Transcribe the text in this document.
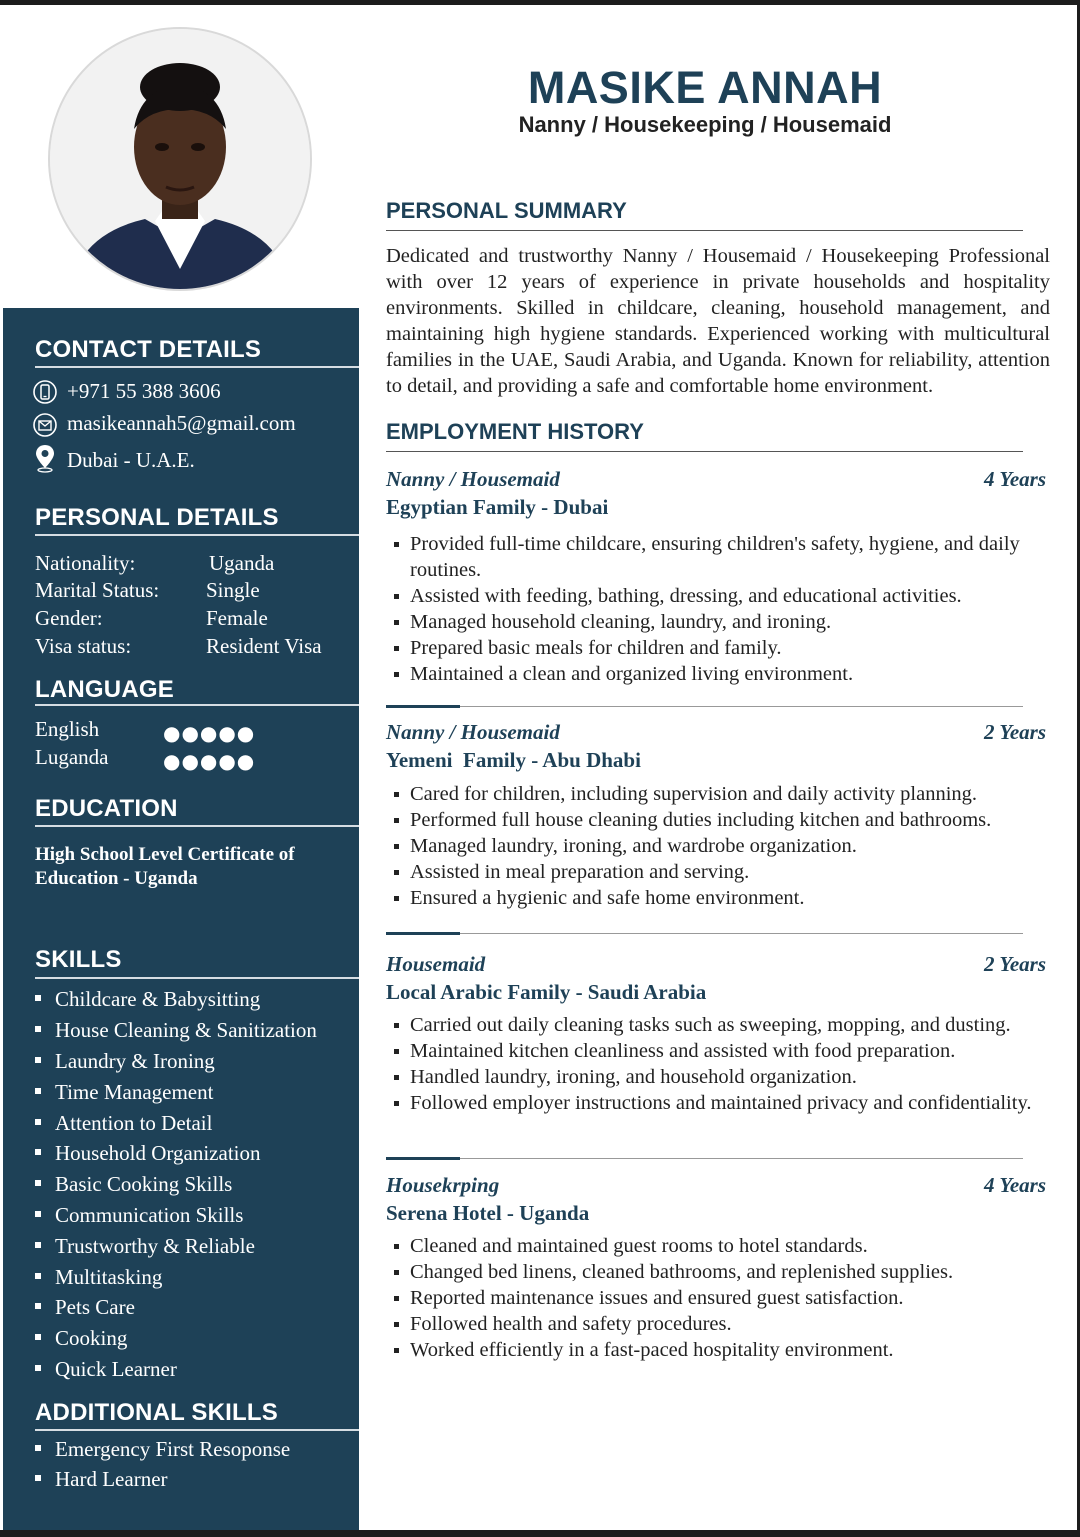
MASIKE ANNAH
Nanny / Housekeeping / Housemaid
CONTACT DETAILS
+971 55 388 3606
masikeannah5@gmail.com
Dubai - U.A.E.
PERSONAL DETAILS
Nationality:	Uganda
Marital Status: Single
Gender:	Female
Visa status:	Resident Visa
LANGUAGE
English	●●●●●
Luganda	●●●●●
EDUCATION
High School Level Certificate of
Education - Uganda
SKILLS
Childcare & Babysitting
House Cleaning & Sanitization
Laundry & Ironing
Time Management
Attention to Detail
Household Organization
Basic Cooking Skills
Communication Skills
Trustworthy & Reliable
Multitasking
Pets Care
Cooking
Quick Learner
ADDITIONAL SKILLS
Emergency First Resoponse
Hard Learner
PERSONAL SUMMARY

Dedicated and trustworthy Nanny / Housemaid / Housekeeping Professional with over 12 years of experience in private households and hospitality environments. Skilled in childcare, cleaning, household management, and maintaining high hygiene standards. Experienced working with multicultural families in the UAE, Saudi Arabia, and Uganda. Known for reliability, attention to detail, and providing a safe and comfortable home environment.

EMPLOYMENT HISTORY
Nanny / Housemaid	4 Years
Egyptian Family - Dubai
Provided full-time childcare, ensuring children's safety, hygiene, and daily routines.
Assisted with feeding, bathing, dressing, and educational activities.
Managed household cleaning, laundry, and ironing.
Prepared basic meals for children and family.
Maintained a clean and organized living environment.
Nanny / Housemaid	2 Years
Yemeni  Family - Abu Dhabi
Cared for children, including supervision and daily activity planning.
Performed full house cleaning duties including kitchen and bathrooms.
Managed laundry, ironing, and wardrobe organization.
Assisted in meal preparation and serving.
Ensured a hygienic and safe home environment.
Housemaid	2 Years
Local Arabic Family - Saudi Arabia
Carried out daily cleaning tasks such as sweeping, mopping, and dusting.
Maintained kitchen cleanliness and assisted with food preparation.
Handled laundry, ironing, and household organization.
Followed employer instructions and maintained privacy and confidentiality.
Housekrping	4 Years
Serena Hotel - Uganda
Cleaned and maintained guest rooms to hotel standards.
Changed bed linens, cleaned bathrooms, and replenished supplies.
Reported maintenance issues and ensured guest satisfaction.
Followed health and safety procedures.
Worked efficiently in a fast-paced hospitality environment.
